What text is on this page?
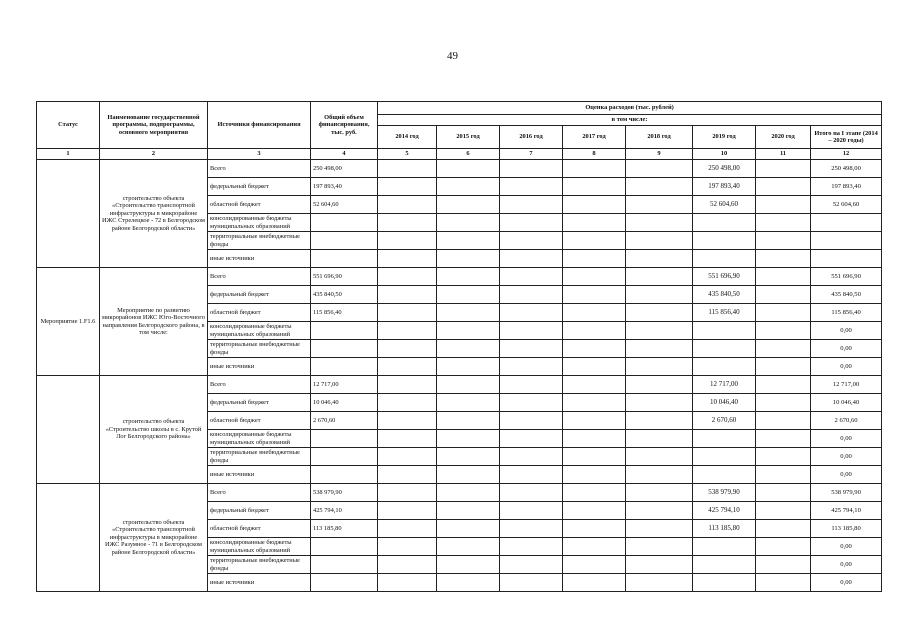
49
Статус	Наименование государственной программы, подпрограммы, основного мероприятия	Источники финансирования	Общий объем финансирования, тыс. руб.	Оценка расходов (тыс. рублей)							
				в том числе:							
				2014 год	2015 год	2016 год	2017 год	2018 год	2019 год	2020 год	Итого на I этапе (2014 – 2020 годы)
1	2	3	4	5	6	7	8	9	10	11	12
	строительство объекта «Строительство транспортной инфраструктуры в микрорайоне ИЖС Стрелецкое - 72 в Белгородском районе Белгородской области»	Всего	250 498,00						250 498,00		250 498,00
		федеральный бюджет	197 893,40						197 893,40		197 893,40
		областной бюджет	52 604,60						52 604,60		52 604,60
		консолидированные бюджеты муниципальных образований									
		территориальные внебюджетные фонды									
		иные источники									
Мероприятие 1.F1.6	Мероприятие по развитию микрорайонов ИЖС Юго-Восточного направления Белгородского района, в том числе:	Всего	551 696,90						551 696,90		551 696,90
		федеральный бюджет	435 840,50						435 840,50		435 840,50
		областной бюджет	115 856,40						115 856,40		115 856,40
		консолидированные бюджеты муниципальных образований									0,00
		территориальные внебюджетные фонды									0,00
		иные источники									0,00
	строительство объекта «Строительство школы в с. Крутой Лог Белгородского района»	Всего	12 717,00						12 717,00		12 717,00
		федеральный бюджет	10 046,40						10 046,40		10 046,40
		областной бюджет	2 670,60						2 670,60		2 670,60
		консолидированные бюджеты муниципальных образований									0,00
		территориальные внебюджетные фонды									0,00
		иные источники									0,00
	строительство объекта «Строительство транспортной инфраструктуры в микрорайоне ИЖС Разумное - 71 в Белгородском районе Белгородской области»	Всего	538 979,90						538 979,90		538 979,90
		федеральный бюджет	425 794,10						425 794,10		425 794,10
		областной бюджет	113 185,80						113 185,80		113 185,80
		консолидированные бюджеты муниципальных образований									0,00
		территориальные внебюджетные фонды									0,00
		иные источники									0,00
